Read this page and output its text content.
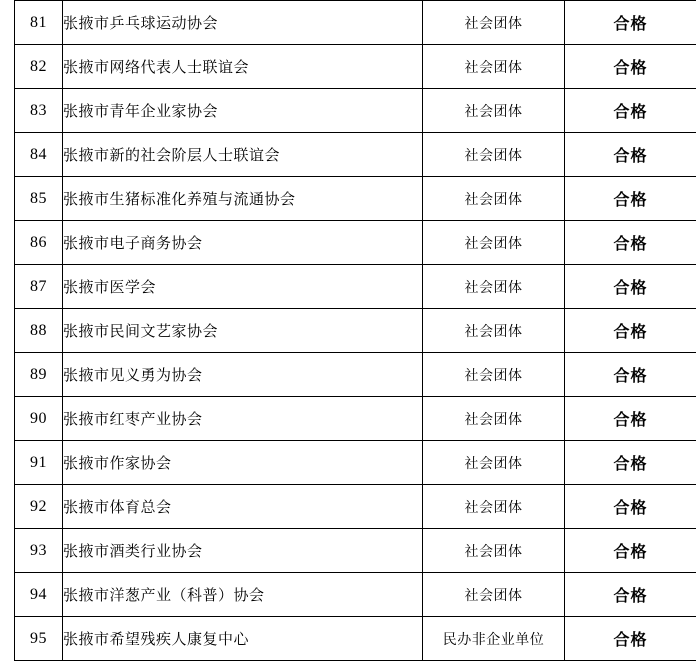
81	张掖市乒乓球运动协会	社会团体	合格
82	张掖市网络代表人士联谊会	社会团体	合格
83	张掖市青年企业家协会	社会团体	合格
84	张掖市新的社会阶层人士联谊会	社会团体	合格
85	张掖市生猪标准化养殖与流通协会	社会团体	合格
86	张掖市电子商务协会	社会团体	合格
87	张掖市医学会	社会团体	合格
88	张掖市民间文艺家协会	社会团体	合格
89	张掖市见义勇为协会	社会团体	合格
90	张掖市红枣产业协会	社会团体	合格
91	张掖市作家协会	社会团体	合格
92	张掖市体育总会	社会团体	合格
93	张掖市酒类行业协会	社会团体	合格
94	张掖市洋葱产业（科普）协会	社会团体	合格
95	张掖市希望残疾人康复中心	民办非企业单位	合格
